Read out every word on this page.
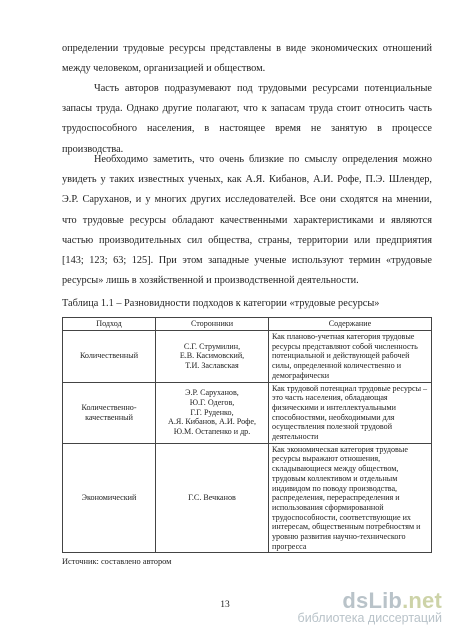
определении трудовые ресурсы представлены в виде экономических отношений между человеком, организацией и обществом.

Часть авторов подразумевают под трудовыми ресурсами потенциальные запасы труда. Однако другие полагают, что к запасам труда стоит относить часть трудоспособного населения, в настоящее время не занятую в процессе производства.

Необходимо заметить, что очень близкие по смыслу определения можно увидеть у таких известных ученых, как А.Я. Кибанов, А.И. Рофе, П.Э. Шлендер, Э.Р. Саруханов, и у многих других исследователей. Все они сходятся на мнении, что трудовые ресурсы обладают качественными характеристиками и являются частью производительных сил общества, страны, территории или предприятия [143; 123; 63; 125]. При этом западные ученые используют термин «трудовые ресурсы» лишь в хозяйственной и производственной деятельности.

Таблица 1.1 – Разновидности подходов к категории «трудовые ресурсы»

Подход	Сторонники	Содержание
Количественный	С.Г. Струмилин,
Е.В. Касимовский,
Т.И. Заславская	Как планово-учетная категория трудовые ресурсы представляют собой численность потенциальной и действующей рабочей силы, определенной количественно и демографически
Количественно-
качественный	Э.Р. Саруханов,
Ю.Г. Одегов,
Г.Г. Руденко,
А.Я. Кибанов, А.И. Рофе,
Ю.М. Остапенко и др.	Как трудовой потенциал трудовые ресурсы – это часть населения, обладающая физическими и интеллектуальными способностями, необходимыми для осуществления полезной трудовой деятельности
Экономический	Г.С. Вечканов	Как экономическая категория трудовые ресурсы выражают отношения, складывающиеся между обществом, трудовым коллективом и отдельным индивидом по поводу производства, распределения, перераспределения и использования сформированной трудоспособности, соответствующие их интересам, общественным потребностям и уровню развития научно-технического прогресса

Источник: составлено автором

13	dsLib.net
библиотека диссертаций
